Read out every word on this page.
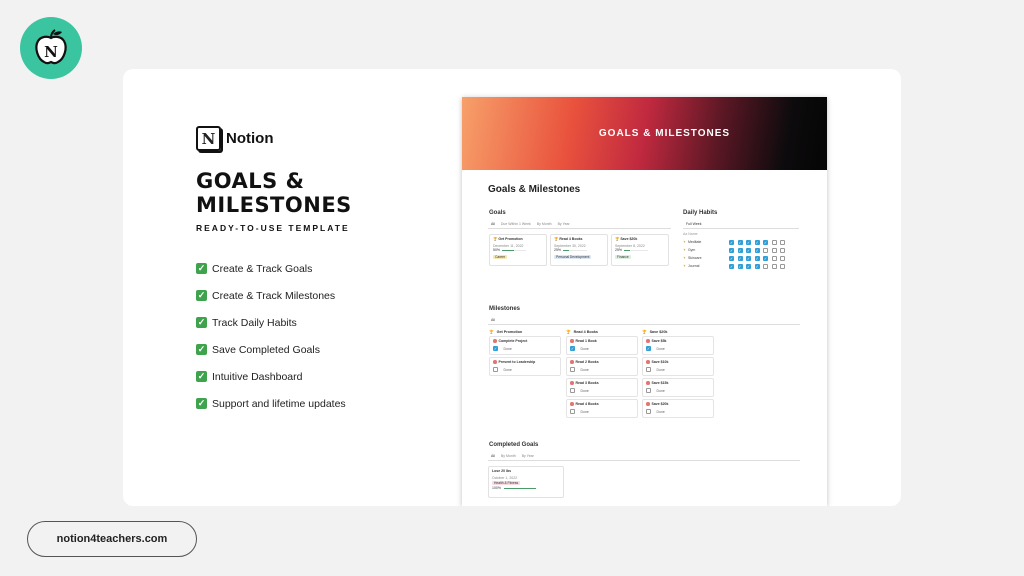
N
N Notion
GOALS & MILESTONES
READY-TO-USE TEMPLATE
✓ Create & Track Goals
✓ Create & Track Milestones
✓ Track Daily Habits
✓ Save Completed Goals
✓ Intuitive Dashboard
✓ Support and lifetime updates
GOALS & MILESTONES
Goals & Milestones
Goals
All Due Within 1 Week By Month By Year
🏆 Get Promotion
December 11, 2022
50%
Career
🏆 Read 4 Books
September 30, 2022
25%
Personal Development
🏆 Save $20k
September 8, 2022
25%
Finance
Daily Habits
Full Week
Aa Name
✦ Meditate	✓ ✓ ✓ ✓ ✓
✦ Gym	✓ ✓ ✓ ✓
✦ Skincare	✓ ✓ ✓ ✓ ✓
✦ Journal	✓ ✓ ✓ ✓
Milestones
All
🏆 Get Promotion
Complete Project
✓ Done
Present to Leadership
Done
🏆 Read 4 Books
Read 1 Book
✓ Done
Read 2 Books
Done
Read 3 Books
Done
Read 4 Books
Done
🏆 Save $20k
Save $5k
✓ Done
Save $10k
Done
Save $15k
Done
Save $20k
Done
Completed Goals
All By Month By Year
Lose 20 lbs
October 1, 2022
Health & Fitness
100%
notion4teachers.com
